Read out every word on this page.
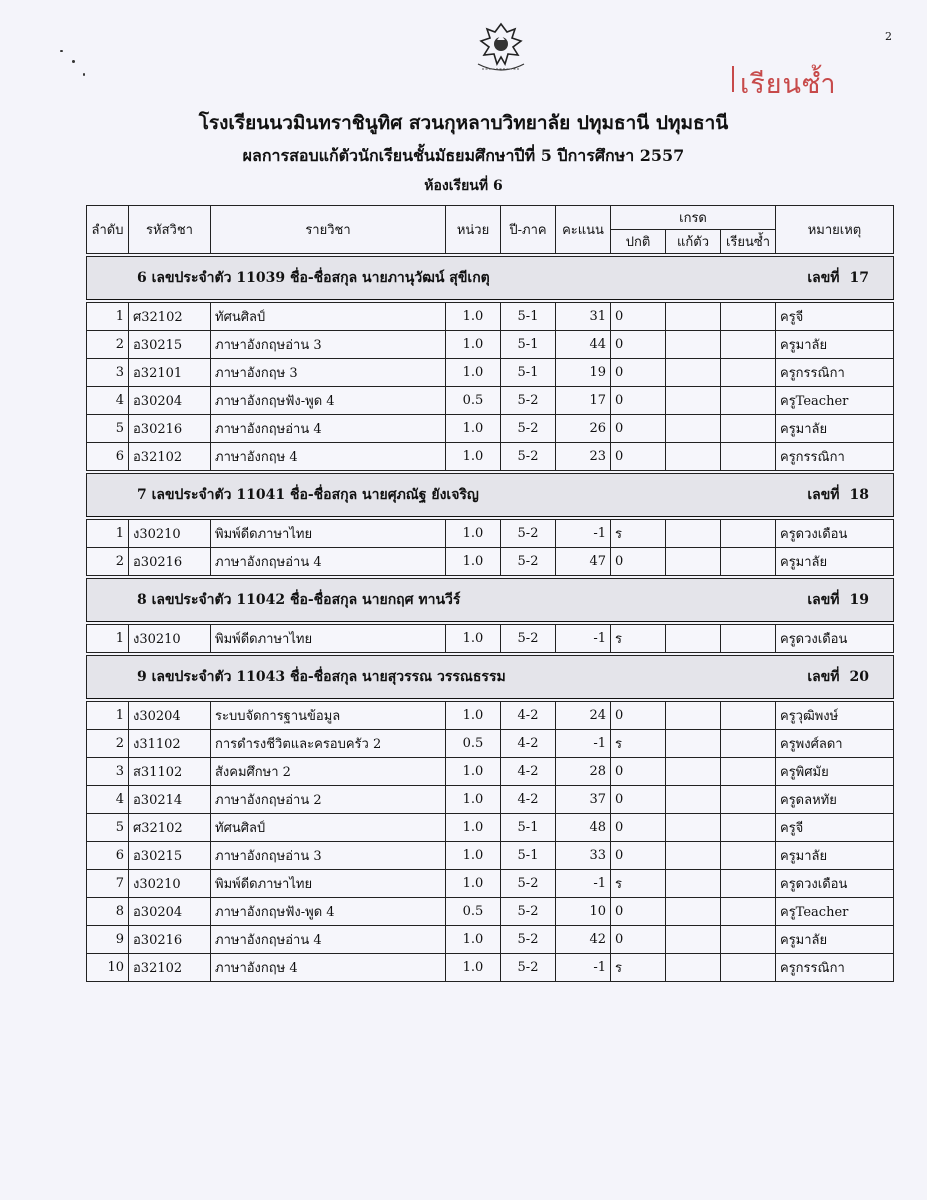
2
เรียนซ้ำ
โรงเรียนนวมินทราชินูทิศ สวนกุหลาบวิทยาลัย ปทุมธานี ปทุมธานี
ผลการสอบแก้ตัวนักเรียนชั้นมัธยมศึกษาปีที่ 5 ปีการศึกษา 2557
ห้องเรียนที่ 6
ลำดับ	รหัสวิชา	รายวิชา	หน่วย	ปี-ภาค	คะแนน	เกรด			หมายเหตุ
						ปกติ	แก้ตัว	เรียนซ้ำ	

6 เลขประจำตัว 11039 ชื่อ-ชื่อสกุล นายภานุวัฒน์ สุขีเกตุ เลขที่ 17									

1	ศ32102	ทัศนศิลป์	1.0	5-1	31	0			ครูจี
2	อ30215	ภาษาอังกฤษอ่าน 3	1.0	5-1	44	0			ครูมาลัย
3	อ32101	ภาษาอังกฤษ 3	1.0	5-1	19	0			ครูกรรณิกา
4	อ30204	ภาษาอังกฤษฟัง-พูด 4	0.5	5-2	17	0			ครูTeacher
5	อ30216	ภาษาอังกฤษอ่าน 4	1.0	5-2	26	0			ครูมาลัย
6	อ32102	ภาษาอังกฤษ 4	1.0	5-2	23	0			ครูกรรณิกา

7 เลขประจำตัว 11041 ชื่อ-ชื่อสกุล นายศุภณัฐ ยังเจริญ เลขที่ 18									

1	ง30210	พิมพ์ดีดภาษาไทย	1.0	5-2	-1	ร			ครูดวงเดือน
2	อ30216	ภาษาอังกฤษอ่าน 4	1.0	5-2	47	0			ครูมาลัย

8 เลขประจำตัว 11042 ชื่อ-ชื่อสกุล นายกฤศ ทานวีร์ เลขที่ 19									

1	ง30210	พิมพ์ดีดภาษาไทย	1.0	5-2	-1	ร			ครูดวงเดือน

9 เลขประจำตัว 11043 ชื่อ-ชื่อสกุล นายสุวรรณ วรรณธรรม เลขที่ 20									

1	ง30204	ระบบจัดการฐานข้อมูล	1.0	4-2	24	0			ครูวุฒิพงษ์
2	ง31102	การดำรงชีวิตและครอบครัว 2	0.5	4-2	-1	ร			ครูพงศ์ลดา
3	ส31102	สังคมศึกษา 2	1.0	4-2	28	0			ครูพิศมัย
4	อ30214	ภาษาอังกฤษอ่าน 2	1.0	4-2	37	0			ครูดลหทัย
5	ศ32102	ทัศนศิลป์	1.0	5-1	48	0			ครูจี
6	อ30215	ภาษาอังกฤษอ่าน 3	1.0	5-1	33	0			ครูมาลัย
7	ง30210	พิมพ์ดีดภาษาไทย	1.0	5-2	-1	ร			ครูดวงเดือน
8	อ30204	ภาษาอังกฤษฟัง-พูด 4	0.5	5-2	10	0			ครูTeacher
9	อ30216	ภาษาอังกฤษอ่าน 4	1.0	5-2	42	0			ครูมาลัย
10	อ32102	ภาษาอังกฤษ 4	1.0	5-2	-1	ร			ครูกรรณิกา
